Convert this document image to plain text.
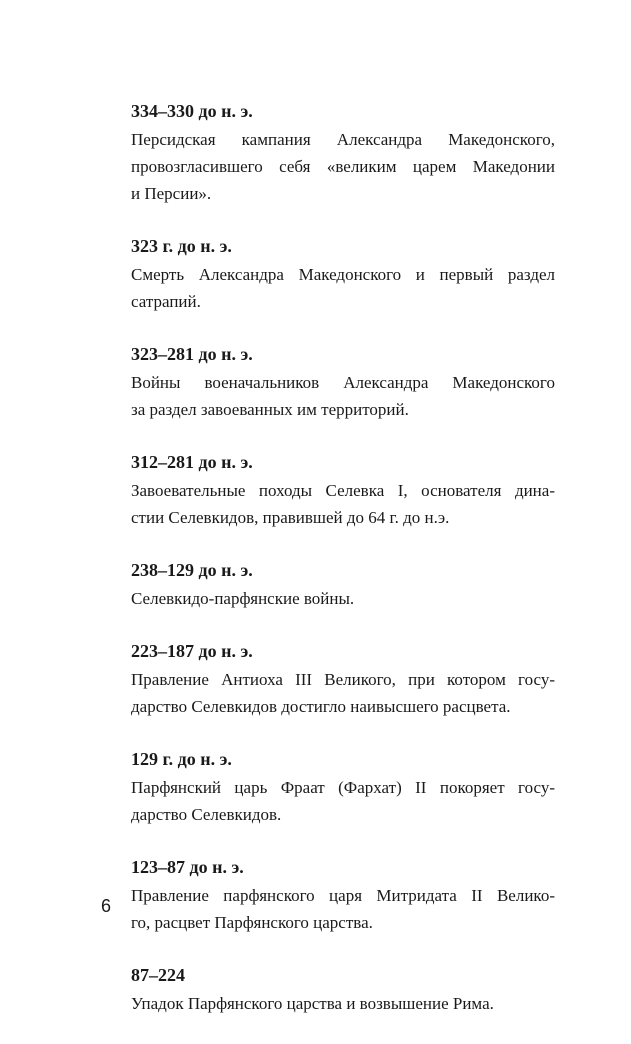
334–330 до н. э.
Персидская кампания Александра Македонского,
провозгласившего себя «великим царем Македонии
и Персии».
323 г. до н. э.
Смерть Александра Македонского и первый раздел
сатрапий.
323–281 до н. э.
Войны военачальников Александра Македонского
за раздел завоеванных им территорий.
312–281 до н. э.
Завоевательные походы Селевка I, основателя дина-
стии Селевкидов, правившей до 64 г. до н.э.
238–129 до н. э.
Селевкидо-парфянские войны.
223–187 до н. э.
Правление Антиоха III Великого, при котором госу-
дарство Селевкидов достигло наивысшего расцвета.
129 г. до н. э.
Парфянский царь Фраат (Фархат) II покоряет госу-
дарство Селевкидов.
123–87 до н. э.
Правление парфянского царя Митридата II Велико-
го, расцвет Парфянского царства.
87–224
Упадок Парфянского царства и возвышение Рима.
6
